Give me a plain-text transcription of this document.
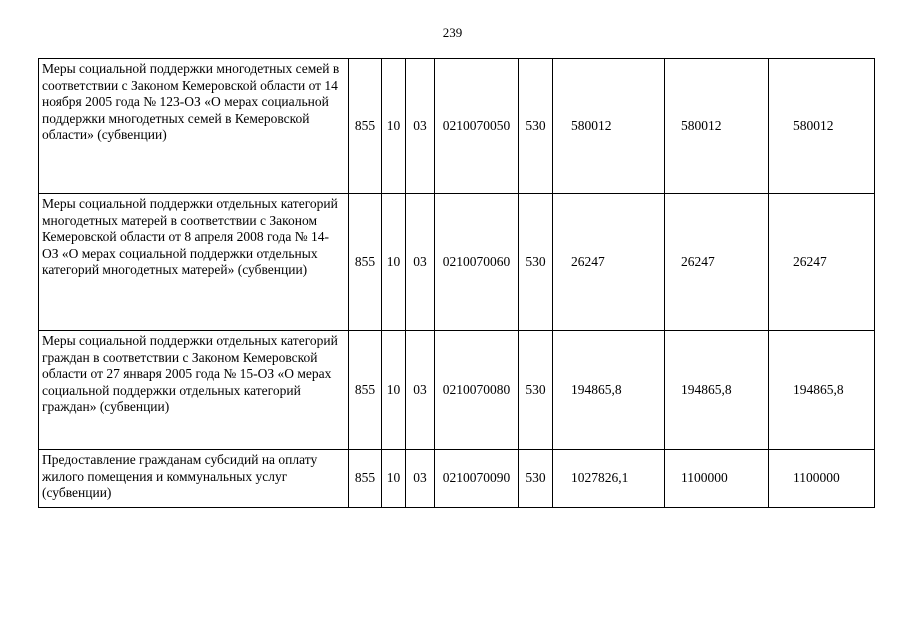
239
Меры социальной поддержки многодетных семей в соответствии с Законом Кемеровской области от 14 ноября 2005 года № 123-ОЗ «О мерах социальной поддержки многодетных семей в Кемеровской области» (субвенции)	855	10	03	0210070050	530	580012	580012	580012
Меры социальной поддержки отдельных категорий многодетных матерей в соответствии с Законом Кемеровской области от 8 апреля 2008 года № 14-ОЗ «О мерах социальной поддержки отдельных категорий многодетных матерей» (субвенции)	855	10	03	0210070060	530	26247	26247	26247
Меры социальной поддержки отдельных категорий граждан в соответствии с Законом Кемеровской области от 27 января 2005 года № 15-ОЗ «О мерах социальной поддержки отдельных категорий граждан» (субвенции)	855	10	03	0210070080	530	194865,8	194865,8	194865,8
Предоставление гражданам субсидий на оплату жилого помещения и коммунальных услуг (субвенции)	855	10	03	0210070090	530	1027826,1	1100000	1100000
